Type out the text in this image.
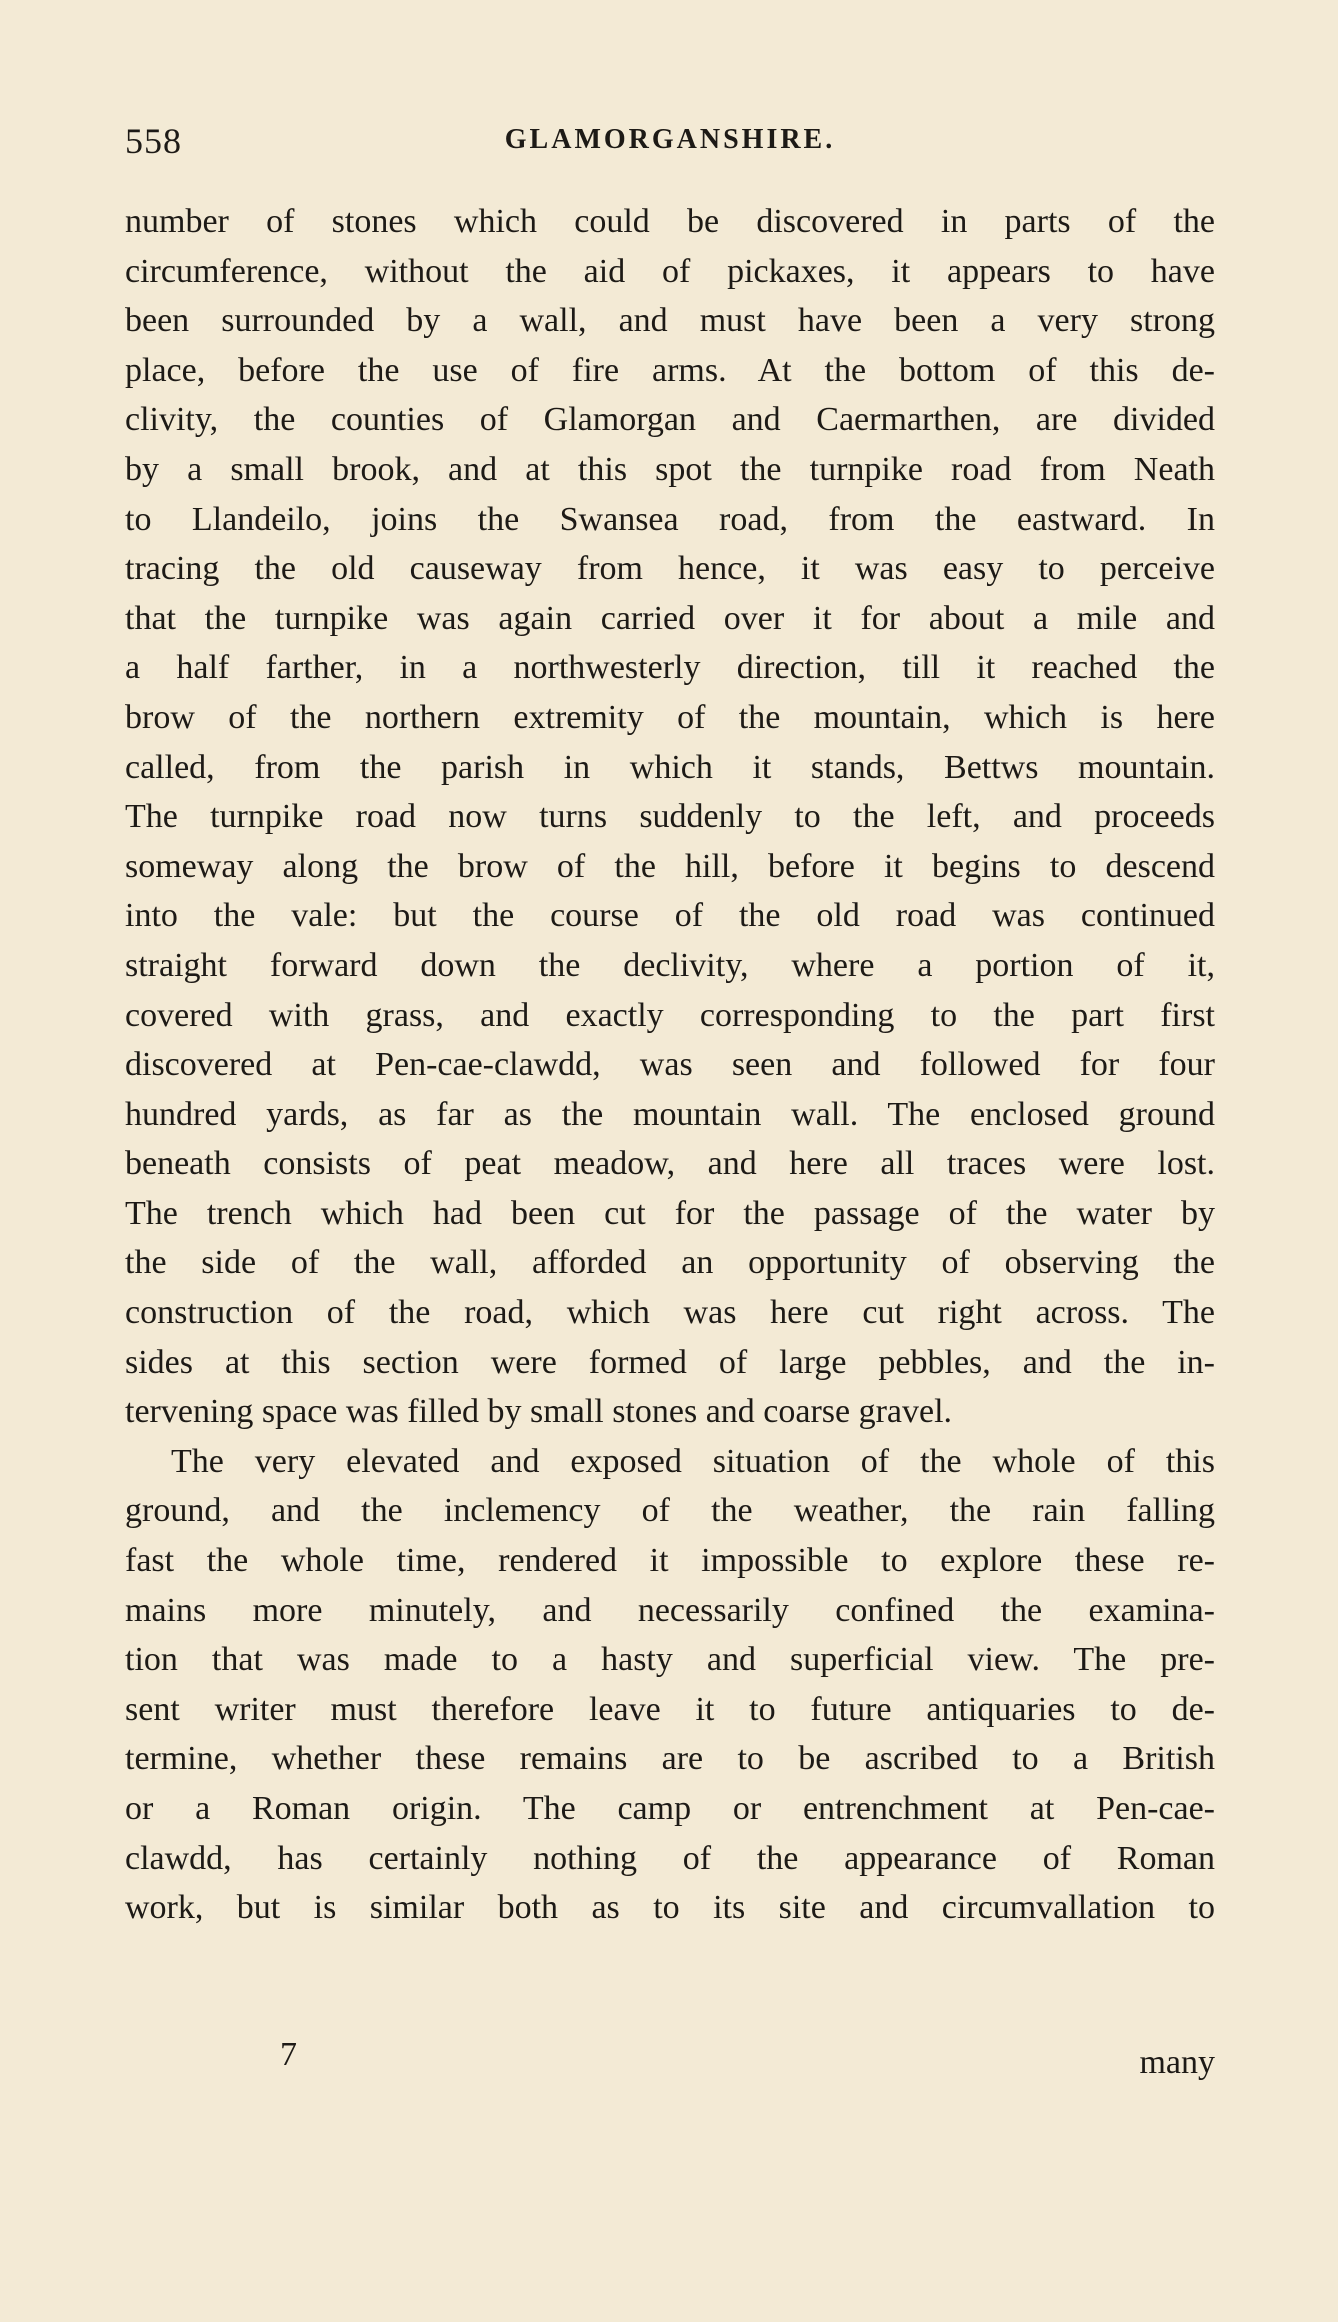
558	GLAMORGANSHIRE.
number of stones which could be discovered in parts of the
circumference, without the aid of pickaxes, it appears to have
been surrounded by a wall, and must have been a very strong
place, before the use of fire arms. At the bottom of this de-
clivity, the counties of Glamorgan and Caermarthen, are divided
by a small brook, and at this spot the turnpike road from Neath
to Llandeilo, joins the Swansea road, from the eastward. In
tracing the old causeway from hence, it was easy to perceive
that the turnpike was again carried over it for about a mile and
a half farther, in a northwesterly direction, till it reached the
brow of the northern extremity of the mountain, which is here
called, from the parish in which it stands, Bettws mountain.
The turnpike road now turns suddenly to the left, and proceeds
someway along the brow of the hill, before it begins to descend
into the vale: but the course of the old road was continued
straight forward down the declivity, where a portion of it,
covered with grass, and exactly corresponding to the part first
discovered at Pen-cae-clawdd, was seen and followed for four
hundred yards, as far as the mountain wall. The enclosed ground
beneath consists of peat meadow, and here all traces were lost.
The trench which had been cut for the passage of the water by
the side of the wall, afforded an opportunity of observing the
construction of the road, which was here cut right across. The
sides at this section were formed of large pebbles, and the in-
tervening space was filled by small stones and coarse gravel.
The very elevated and exposed situation of the whole of this
ground, and the inclemency of the weather, the rain falling
fast the whole time, rendered it impossible to explore these re-
mains more minutely, and necessarily confined the examina-
tion that was made to a hasty and superficial view. The pre-
sent writer must therefore leave it to future antiquaries to de-
termine, whether these remains are to be ascribed to a British
or a Roman origin. The camp or entrenchment at Pen-cae-
clawdd, has certainly nothing of the appearance of Roman
work, but is similar both as to its site and circumvallation to
7	many
